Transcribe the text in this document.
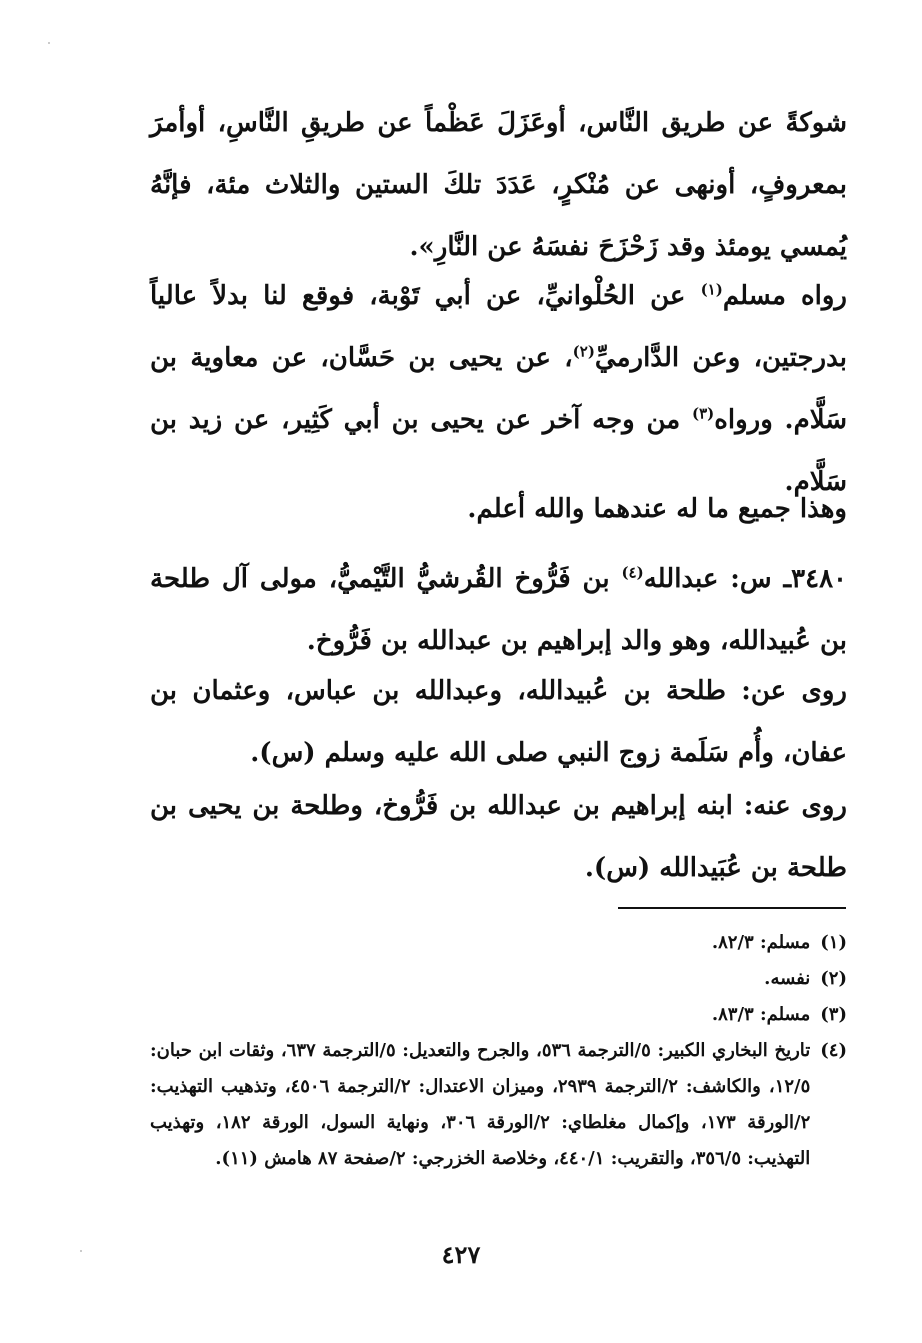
شوكةً عن طريق النَّاس، أوعَزَلَ عَظْماً عن طريقِ النَّاسِ، أوأمرَ بمعروفٍ، أونهى عن مُنْكرٍ، عَدَدَ تلكَ الستين والثلاث مئة، فإنَّهُ يُمسي يومئذ وقد زَحْزَحَ نفسَهُ عن النَّارِ».

رواه مسلم$^{(١)}$ عن الحُلْوانيِّ، عن أبي تَوْبة، فوقع لنا بدلاً عالياً بدرجتين، وعن الدَّارميِّ$^{(٢)}$، عن يحيى بن حَسَّان، عن معاوية بن سَلَّام. ورواه$^{(٣)}$ من وجه آخر عن يحيى بن أبي كَثِير، عن زيد بن سَلَّام.

وهذا جميع ما له عندهما والله أعلم.

٣٤٨٠ـ س: عبدالله$^{(٤)}$ بن فَرُّوخ القُرشيُّ التَّيْميُّ، مولى آل طلحة بن عُبيدالله، وهو والد إبراهيم بن عبدالله بن فَرُّوخ.

روى عن: طلحة بن عُبيدالله، وعبدالله بن عباس، وعثمان بن عفان، وأُم سَلَمة زوج النبي صلى الله عليه وسلم (س).

روى عنه: ابنه إبراهيم بن عبدالله بن فَرُّوخ، وطلحة بن يحيى بن طلحة بن عُبَيدالله (س).

(١)
مسلم: ٨٢/٣.
(٢)
نفسه.
(٣)
مسلم: ٨٣/٣.
(٤)
تاريخ البخاري الكبير: ٥/الترجمة ٥٣٦، والجرح والتعديل: ٥/الترجمة ٦٣٧، وثقات ابن حبان: ١٢/٥، والكاشف: ٢/الترجمة ٢٩٣٩، وميزان الاعتدال: ٢/الترجمة ٤٥٠٦، وتذهيب التهذيب: ٢/الورقة ١٧٣، وإكمال مغلطاي: ٢/الورقة ٣٠٦، ونهاية السول، الورقة ١٨٢، وتهذيب التهذيب: ٣٥٦/٥، والتقريب: ٤٤٠/١، وخلاصة الخزرجي: ٢/صفحة ٨٧ هامش (١١).
٤٢٧
